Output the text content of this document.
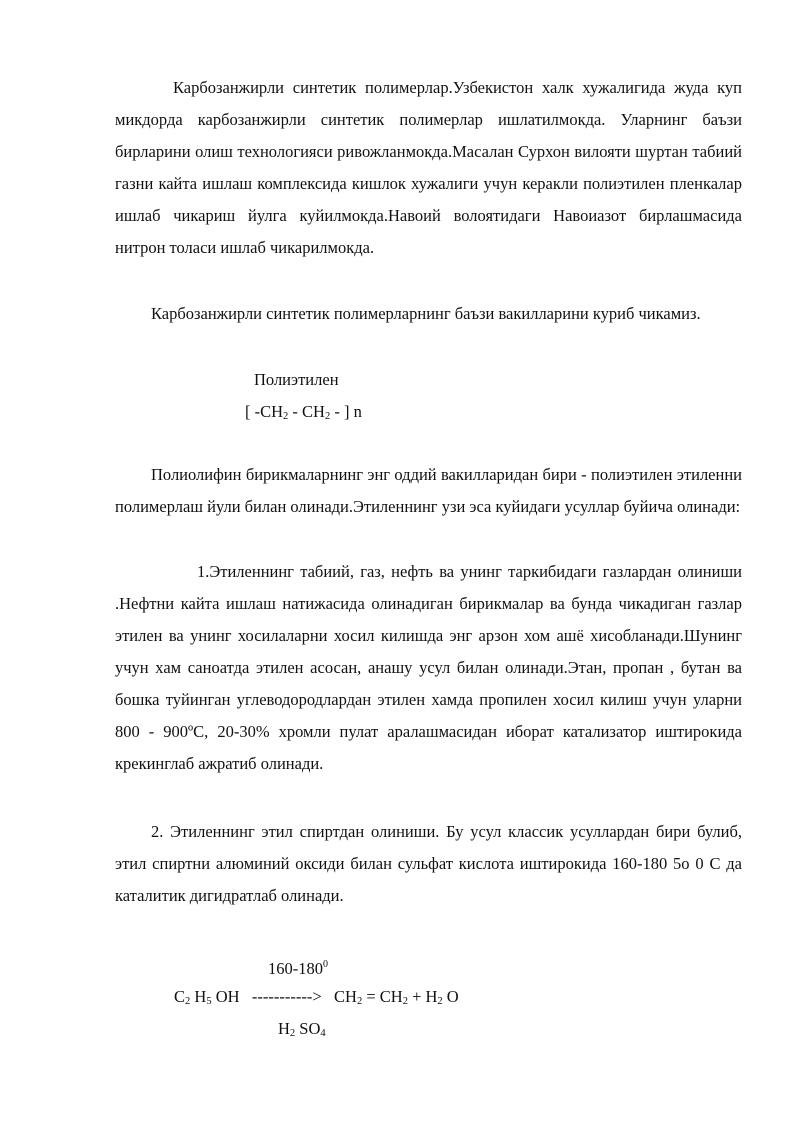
Карбозанжирли синтетик полимерлар.Узбекистон халк хужалигида жуда куп микдорда карбозанжирли синтетик полимерлар ишлатилмокда. Уларнинг баъзи бирларини олиш технологияси ривожланмокда.Масалан Сурхон вилояти шуртан табиий газни кайта ишлаш комплексида кишлок хужалиги учун керакли полиэтилен пленкалар ишлаб чикариш йулга куйилмокда.Навоий волоятидаги Навоиазот бирлашмасида нитрон толаси ишлаб чикарилмокда.

Карбозанжирли синтетик полимерларнинг баъзи вакилларини куриб чикамиз.

Полиэтилен
[ -CH2 - CH2 - ] n

Полиолифин бирикмаларнинг энг оддий вакилларидан бири - полиэтилен этиленни полимерлаш йули билан олинади.Этиленнинг узи эса куйидаги усуллар буйича олинади:

1.Этиленнинг табиий, газ, нефть ва унинг таркибидаги газлардан олиниши .Нефтни кайта ишлаш натижасида олинадиган бирикмалар ва бунда чикадиган газлар этилен ва унинг хосилаларни хосил килишда энг арзон хом ашё хисобланади.Шунинг учун хам саноатда этилен асосан, анашу усул билан олинади.Этан, пропан , бутан ва бошка туйинган углеводородлардан этилен хамда пропилен хосил килиш учун уларни 800 - 900ºС, 20-30% хромли пулат аралашмасидан иборат катализатор иштирокида крекинглаб ажратиб олинади.

2. Этиленнинг этил спиртдан олиниши. Бу усул классик усуллардан бири булиб, этил спиртни алюминий оксиди билан сульфат кислота иштирокида 160-180 5о 0 С да каталитик дигидратлаб олинади.

$160-180^0$
C2 H5 OH -----------> CH2 = CH2 + H2 O
H2 SO4
